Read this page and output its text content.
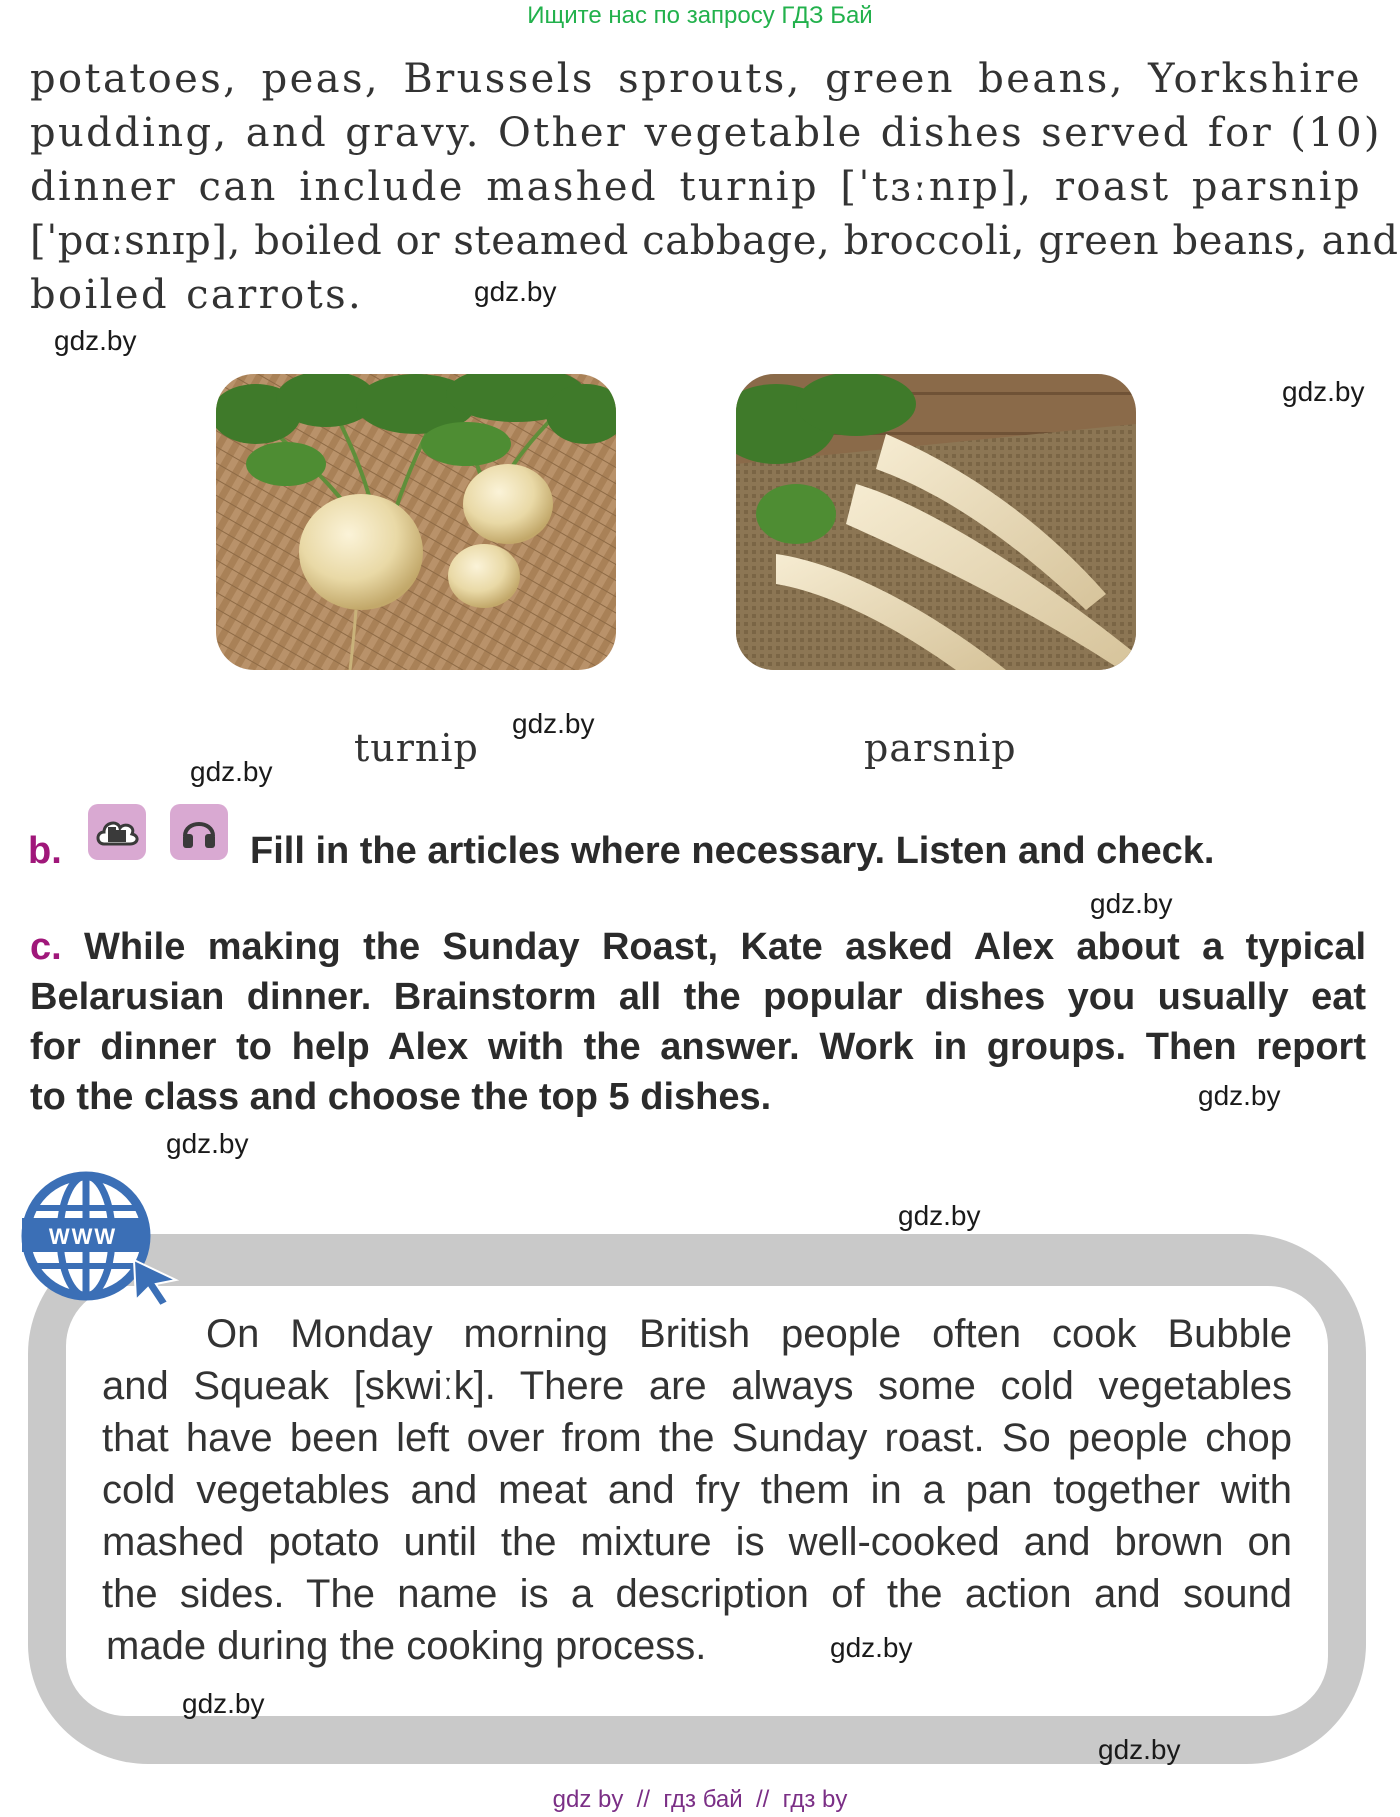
Ищите нас по запросу ГДЗ Бай
potatoes, peas, Brussels sprouts, green beans, Yorkshire
pudding, and gravy. Other vegetable dishes served for (10)
dinner can include mashed turnip [ˈtɜːnɪp], roast parsnip
[ˈpɑːsnɪp], boiled or steamed cabbage, broccoli, green beans, and
boiled carrots.	gdz.by
gdz.by
gdz.by
gdz.by
gdz.by
gdz.by
gdz.by
gdz.by
gdz.by
turnip	parsnip
b.	Fill in the articles where necessary. Listen and check.
c. While making the Sunday Roast, Kate asked Alex about a typical
Belarusian dinner. Brainstorm all the popular dishes you usually eat
for dinner to help Alex with the answer. Work in groups. Then report
to the class and choose the top 5 dishes.
WWW
On Monday morning British people often cook Bubble
and Squeak [skwiːk]. There are always some cold vegetables
that have been left over from the Sunday roast. So people chop
cold vegetables and meat and fry them in a pan together with
mashed potato until the mixture is well-cooked and brown on
the sides. The name is a description of the action and sound
made during the cooking process.	gdz.by
gdz.by
gdz.by
gdz by  //  гдз бай  //  гдз by
